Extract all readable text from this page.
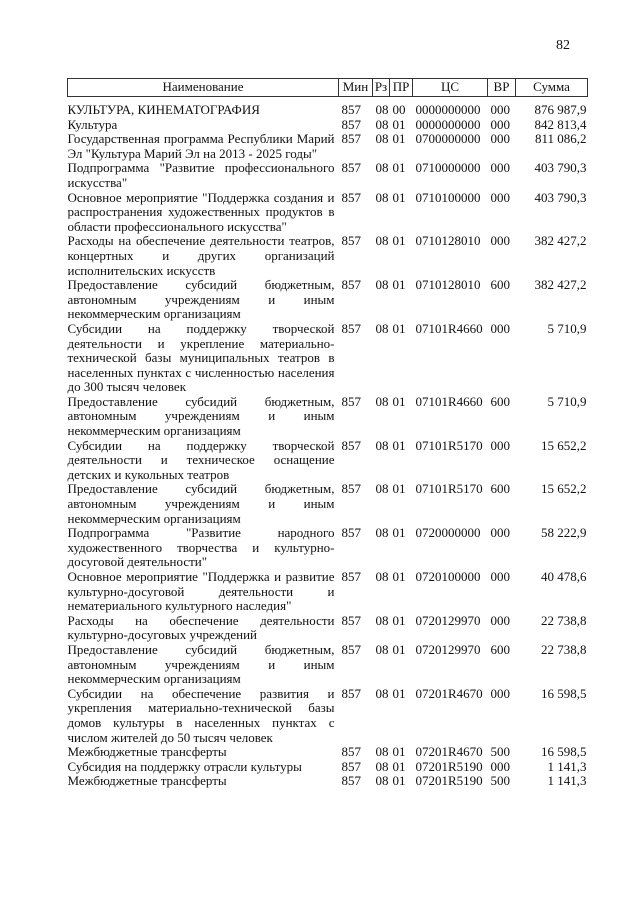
82
Наименование	Мин	Рз	ПР	ЦС	ВР	Сумма
КУЛЬТУРА, КИНЕМАТОГРАФИЯ	857	08	00	0000000000	000	876 987,9
Культура	857	08	01	0000000000	000	842 813,4
Государственная программа Республики Марий Эл "Культура Марий Эл на 2013 - 2025 годы"	857	08	01	0700000000	000	811 086,2
Подпрограмма "Развитие профессионального искусства"	857	08	01	0710000000	000	403 790,3
Основное мероприятие "Поддержка создания и распространения художественных продуктов в области профессионального искусства"	857	08	01	0710100000	000	403 790,3
Расходы на обеспечение деятельности театров, концертных и других организаций исполнительских искусств	857	08	01	0710128010	000	382 427,2
Предоставление субсидий бюджетным, автономным учреждениям и иным некоммерческим организациям	857	08	01	0710128010	600	382 427,2
Субсидии на поддержку творческой деятельности и укрепление материально-технической базы муниципальных театров в населенных пунктах с численностью населения до 300 тысяч человек	857	08	01	07101R4660	000	5 710,9
Предоставление субсидий бюджетным, автономным учреждениям и иным некоммерческим организациям	857	08	01	07101R4660	600	5 710,9
Субсидии на поддержку творческой деятельности и техническое оснащение детских и кукольных театров	857	08	01	07101R5170	000	15 652,2
Предоставление субсидий бюджетным, автономным учреждениям и иным некоммерческим организациям	857	08	01	07101R5170	600	15 652,2
Подпрограмма "Развитие народного художественного творчества и культурно-досуговой деятельности"	857	08	01	0720000000	000	58 222,9
Основное мероприятие "Поддержка и развитие культурно-досуговой деятельности и нематериального культурного наследия"	857	08	01	0720100000	000	40 478,6
Расходы на обеспечение деятельности культурно-досуговых учреждений	857	08	01	0720129970	000	22 738,8
Предоставление субсидий бюджетным, автономным учреждениям и иным некоммерческим организациям	857	08	01	0720129970	600	22 738,8
Субсидии на обеспечение развития и укрепления материально-технической базы домов культуры в населенных пунктах с числом жителей до 50 тысяч человек	857	08	01	07201R4670	000	16 598,5
Межбюджетные трансферты	857	08	01	07201R4670	500	16 598,5
Субсидия на поддержку отрасли культуры	857	08	01	07201R5190	000	1 141,3
Межбюджетные трансферты	857	08	01	07201R5190	500	1 141,3
